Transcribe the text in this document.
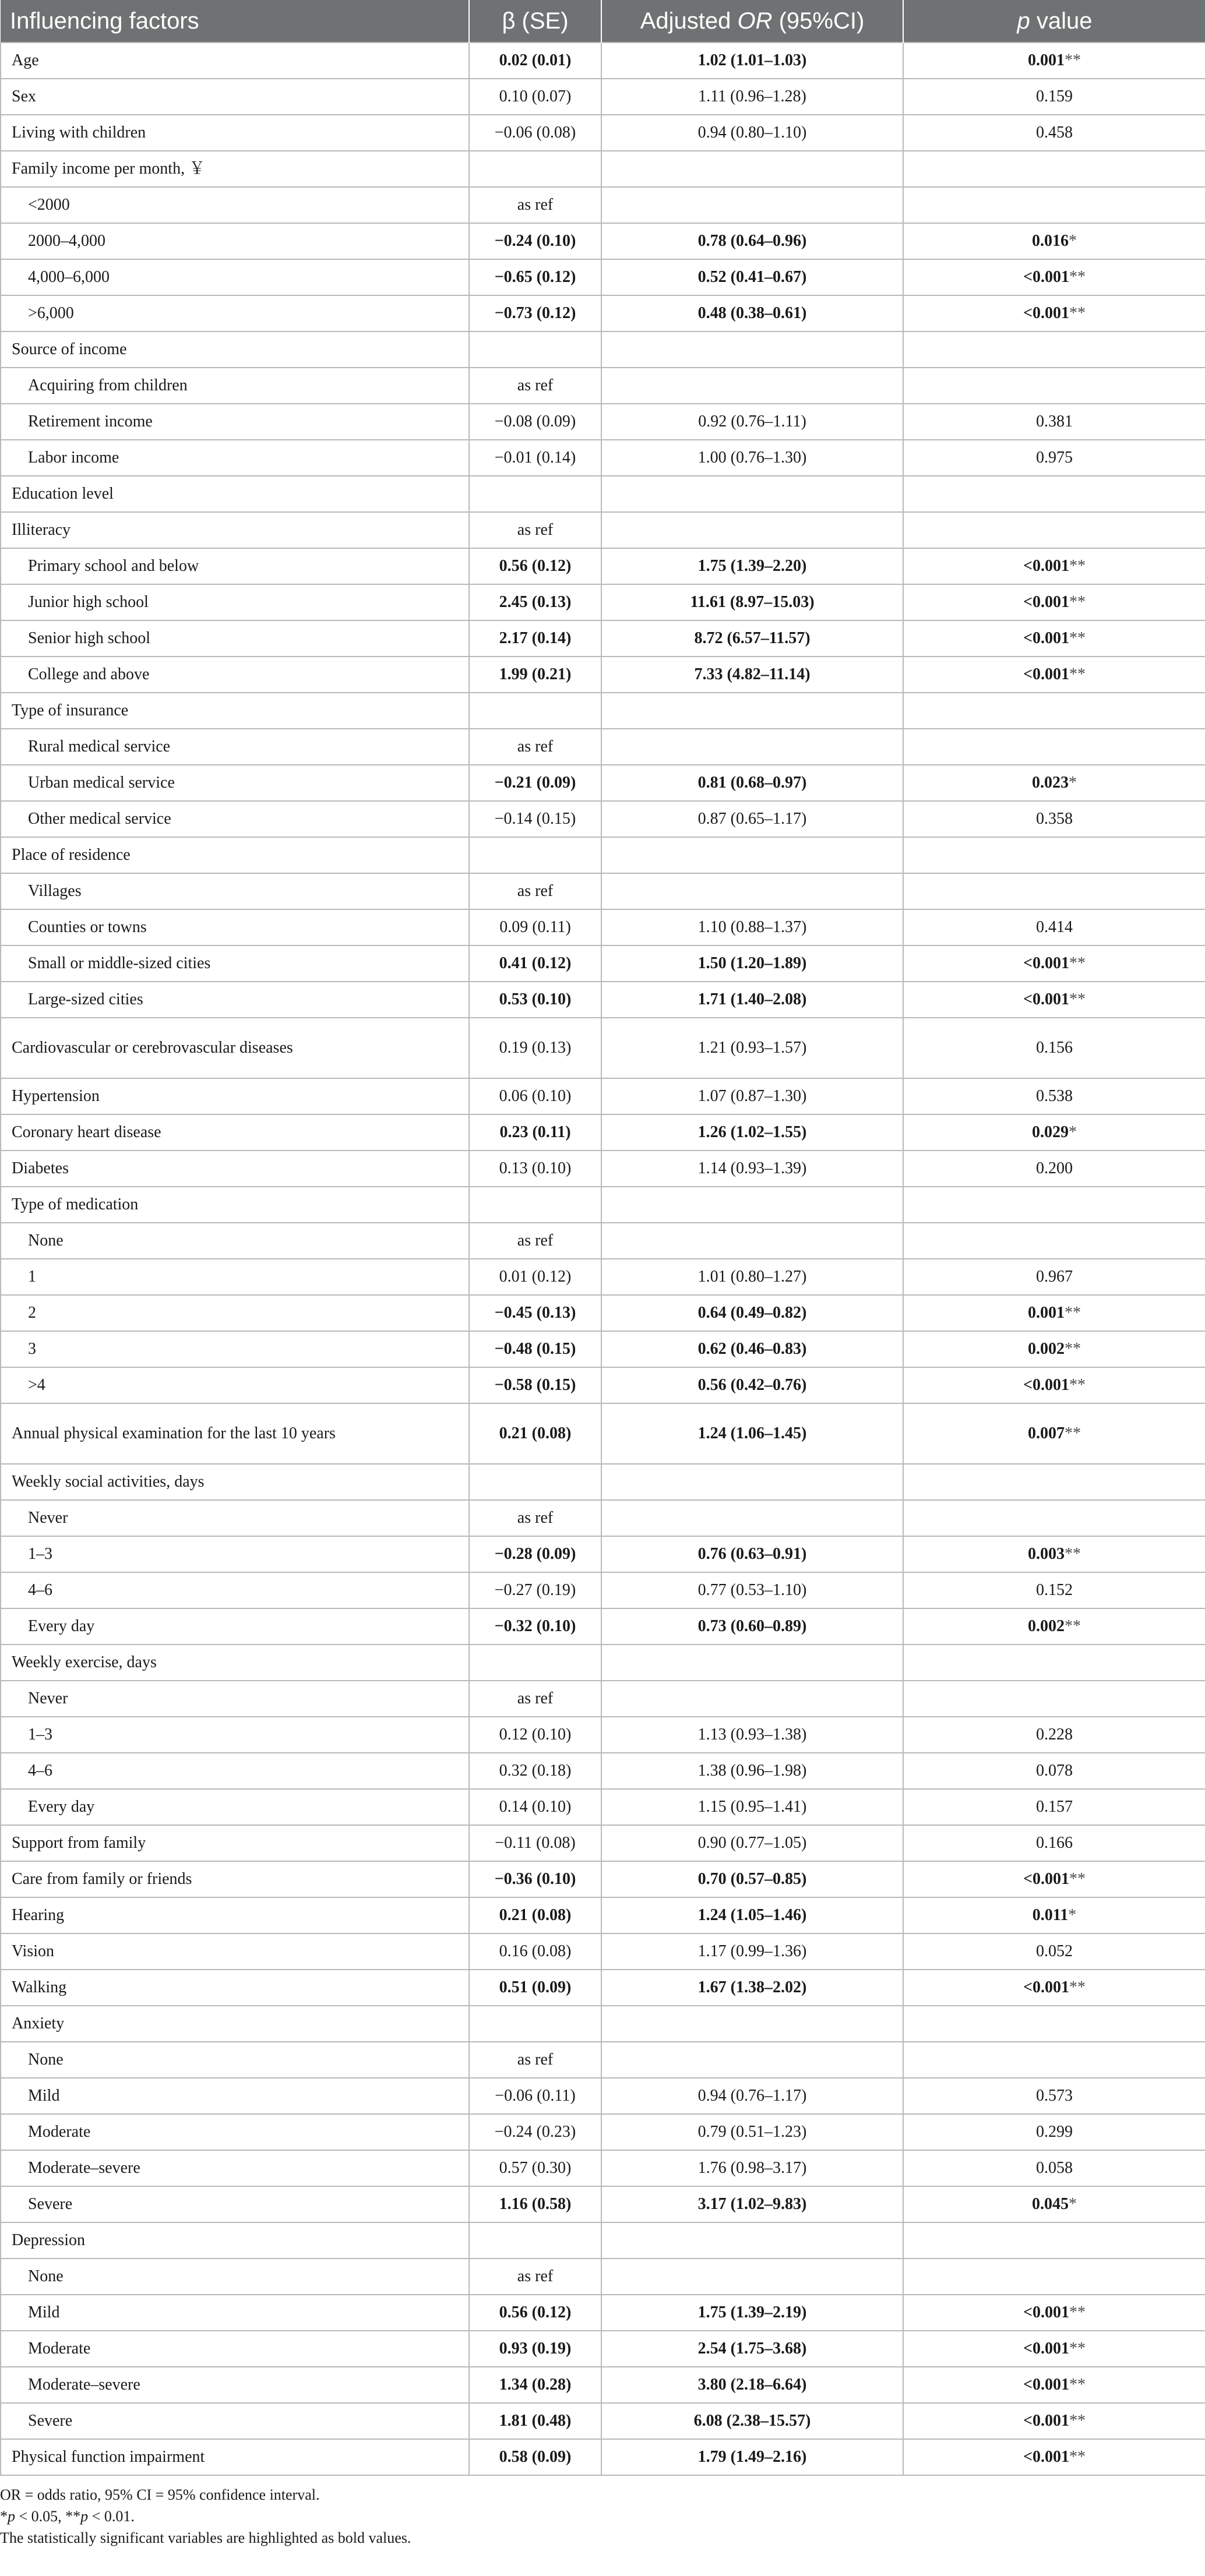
Influencing factors	β (SE)	Adjusted OR (95%CI)	p value
Age	0.02 (0.01)	1.02 (1.01–1.03)	0.001**
Sex	0.10 (0.07)	1.11 (0.96–1.28)	0.159
Living with children	−0.06 (0.08)	0.94 (0.80–1.10)	0.458
Family income per month, ￥			
<2000	as ref		
2000–4,000	−0.24 (0.10)	0.78 (0.64–0.96)	0.016*
4,000–6,000	−0.65 (0.12)	0.52 (0.41–0.67)	<0.001**
>6,000	−0.73 (0.12)	0.48 (0.38–0.61)	<0.001**
Source of income			
Acquiring from children	as ref		
Retirement income	−0.08 (0.09)	0.92 (0.76–1.11)	0.381
Labor income	−0.01 (0.14)	1.00 (0.76–1.30)	0.975
Education level			
Illiteracy	as ref		
Primary school and below	0.56 (0.12)	1.75 (1.39–2.20)	<0.001**
Junior high school	2.45 (0.13)	11.61 (8.97–15.03)	<0.001**
Senior high school	2.17 (0.14)	8.72 (6.57–11.57)	<0.001**
College and above	1.99 (0.21)	7.33 (4.82–11.14)	<0.001**
Type of insurance			
Rural medical service	as ref		
Urban medical service	−0.21 (0.09)	0.81 (0.68–0.97)	0.023*
Other medical service	−0.14 (0.15)	0.87 (0.65–1.17)	0.358
Place of residence			
Villages	as ref		
Counties or towns	0.09 (0.11)	1.10 (0.88–1.37)	0.414
Small or middle-sized cities	0.41 (0.12)	1.50 (1.20–1.89)	<0.001**
Large-sized cities	0.53 (0.10)	1.71 (1.40–2.08)	<0.001**
Cardiovascular or cerebrovascular diseases	0.19 (0.13)	1.21 (0.93–1.57)	0.156
Hypertension	0.06 (0.10)	1.07 (0.87–1.30)	0.538
Coronary heart disease	0.23 (0.11)	1.26 (1.02–1.55)	0.029*
Diabetes	0.13 (0.10)	1.14 (0.93–1.39)	0.200
Type of medication			
None	as ref		
1	0.01 (0.12)	1.01 (0.80–1.27)	0.967
2	−0.45 (0.13)	0.64 (0.49–0.82)	0.001**
3	−0.48 (0.15)	0.62 (0.46–0.83)	0.002**
>4	−0.58 (0.15)	0.56 (0.42–0.76)	<0.001**
Annual physical examination for the last 10 years	0.21 (0.08)	1.24 (1.06–1.45)	0.007**
Weekly social activities, days			
Never	as ref		
1–3	−0.28 (0.09)	0.76 (0.63–0.91)	0.003**
4–6	−0.27 (0.19)	0.77 (0.53–1.10)	0.152
Every day	−0.32 (0.10)	0.73 (0.60–0.89)	0.002**
Weekly exercise, days			
Never	as ref		
1–3	0.12 (0.10)	1.13 (0.93–1.38)	0.228
4–6	0.32 (0.18)	1.38 (0.96–1.98)	0.078
Every day	0.14 (0.10)	1.15 (0.95–1.41)	0.157
Support from family	−0.11 (0.08)	0.90 (0.77–1.05)	0.166
Care from family or friends	−0.36 (0.10)	0.70 (0.57–0.85)	<0.001**
Hearing	0.21 (0.08)	1.24 (1.05–1.46)	0.011*
Vision	0.16 (0.08)	1.17 (0.99–1.36)	0.052
Walking	0.51 (0.09)	1.67 (1.38–2.02)	<0.001**
Anxiety			
None	as ref		
Mild	−0.06 (0.11)	0.94 (0.76–1.17)	0.573
Moderate	−0.24 (0.23)	0.79 (0.51–1.23)	0.299
Moderate–severe	0.57 (0.30)	1.76 (0.98–3.17)	0.058
Severe	1.16 (0.58)	3.17 (1.02–9.83)	0.045*
Depression			
None	as ref		
Mild	0.56 (0.12)	1.75 (1.39–2.19)	<0.001**
Moderate	0.93 (0.19)	2.54 (1.75–3.68)	<0.001**
Moderate–severe	1.34 (0.28)	3.80 (2.18–6.64)	<0.001**
Severe	1.81 (0.48)	6.08 (2.38–15.57)	<0.001**
Physical function impairment	0.58 (0.09)	1.79 (1.49–2.16)	<0.001**
OR = odds ratio, 95% CI = 95% confidence interval.
*p < 0.05, **p < 0.01.
The statistically significant variables are highlighted as bold values.
